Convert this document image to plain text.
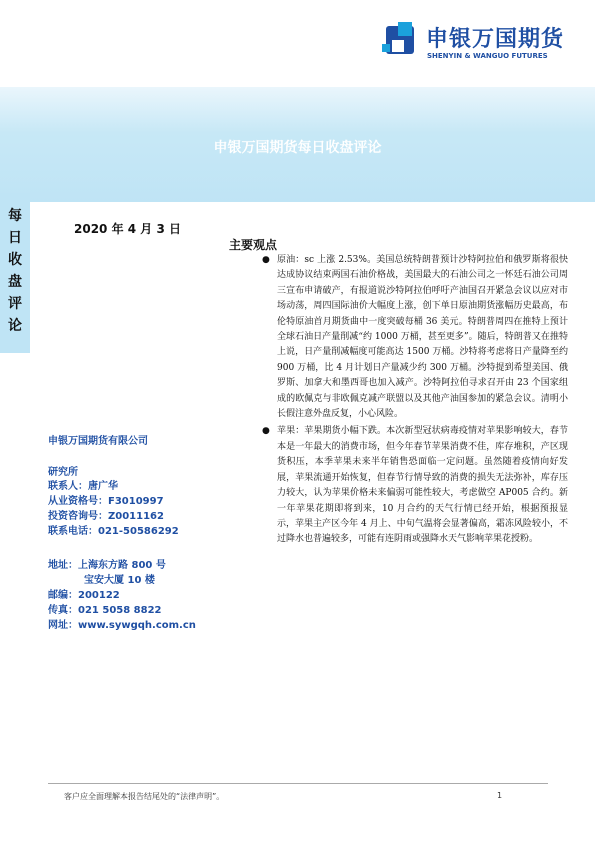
申银万国期货
SHENYIN & WANGUO FUTURES
申银万国期货每日收盘评论
每日收盘评论
2020 年 4 月 3 日
主要观点
申银万国期货有限公司
研究所
联系人：唐广华
从业资格号：F3010997
投资咨询号：Z0011162
联系电话：021-50586292
地址：上海东方路 800 号
宝安大厦 10 楼
邮编：200122
传真：021 5058 8822
网址：www.sywgqh.com.cn
● 原油：sc 上涨 2.53%。美国总统特朗普预计沙特阿拉伯和俄罗斯将很快达成协议结束两国石油价格战，美国最大的石油公司之一怀廷石油公司周三宣布申请破产，有报道说沙特阿拉伯呼吁产油国召开紧急会议以应对市场动荡，周四国际油价大幅度上涨，创下单日原油期货涨幅历史最高，布伦特原油首月期货曲中一度突破每桶 36 美元。特朗普周四在推特上预计全球石油日产量削减“约 1000 万桶，甚至更多”。随后，特朗普又在推特上说，日产量削减幅度可能高达 1500 万桶。沙特将考虑将日产量降至约 900 万桶，比 4 月计划日产量减少约 300 万桶。沙特提到希望美国、俄罗斯、加拿大和墨西哥也加入减产。沙特阿拉伯寻求召开由 23 个国家组成的欧佩克与非欧佩克减产联盟以及其他产油国参加的紧急会议。清明小长假注意外盘反复，小心风险。
● 苹果：苹果期货小幅下跌。本次新型冠状病毒疫情对苹果影响较大，春节本是一年最大的消费市场，但今年春节苹果消费不佳，库存堆积，产区现货积压，本季苹果未来半年销售恐面临一定问题。虽然随着疫情向好发展，苹果流通开始恢复，但春节行情导致的消费的损失无法弥补，库存压力较大，认为苹果价格未来偏弱可能性较大，考虑做空 AP005 合约。新一年苹果花期即将到来，10 月合约的天气行情已经开始，根据预报显示，苹果主产区今年 4 月上、中旬气温将会显著偏高，霜冻风险较小，不过降水也普遍较多，可能有连阴雨或强降水天气影响苹果花授粉。
客户应全面理解本报告结尾处的“法律声明”。	1
